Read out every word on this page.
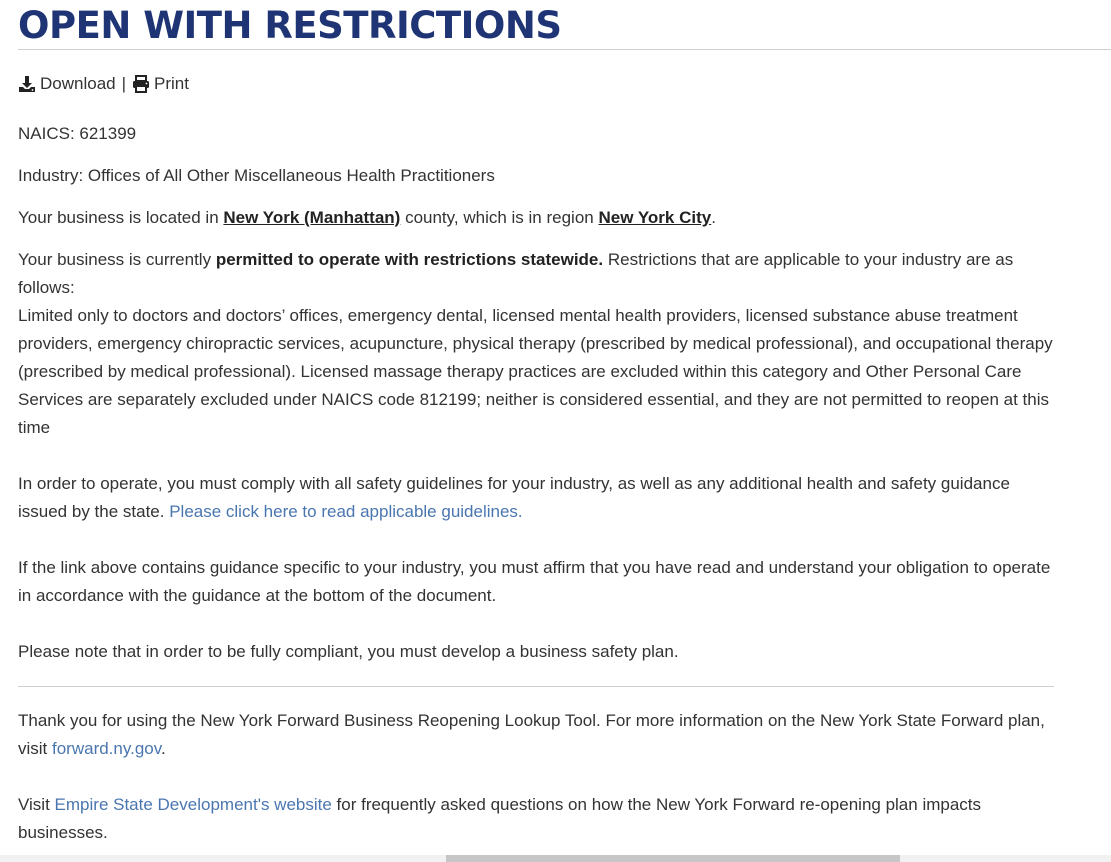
OPEN WITH RESTRICTIONS
Download | Print

NAICS: 621399

Industry: Offices of All Other Miscellaneous Health Practitioners

Your business is located in New York (Manhattan) county, which is in region New York City.

Your business is currently permitted to operate with restrictions statewide. Restrictions that are applicable to your industry are as follows:

Limited only to doctors and doctors’ offices, emergency dental, licensed mental health providers, licensed substance abuse treatment providers, emergency chiropractic services, acupuncture, physical therapy (prescribed by medical professional), and occupational therapy (prescribed by medical professional). Licensed massage therapy practices are excluded within this category and Other Personal Care Services are separately excluded under NAICS code 812199; neither is considered essential, and they are not permitted to reopen at this time

In order to operate, you must comply with all safety guidelines for your industry, as well as any additional health and safety guidance issued by the state. Please click here to read applicable guidelines.

If the link above contains guidance specific to your industry, you must affirm that you have read and understand your obligation to operate in accordance with the guidance at the bottom of the document.

Please note that in order to be fully compliant, you must develop a business safety plan.

Thank you for using the New York Forward Business Reopening Lookup Tool. For more information on the New York State Forward plan, visit forward.ny.gov.

Visit Empire State Development's website for frequently asked questions on how the New York Forward re-opening plan impacts businesses.
